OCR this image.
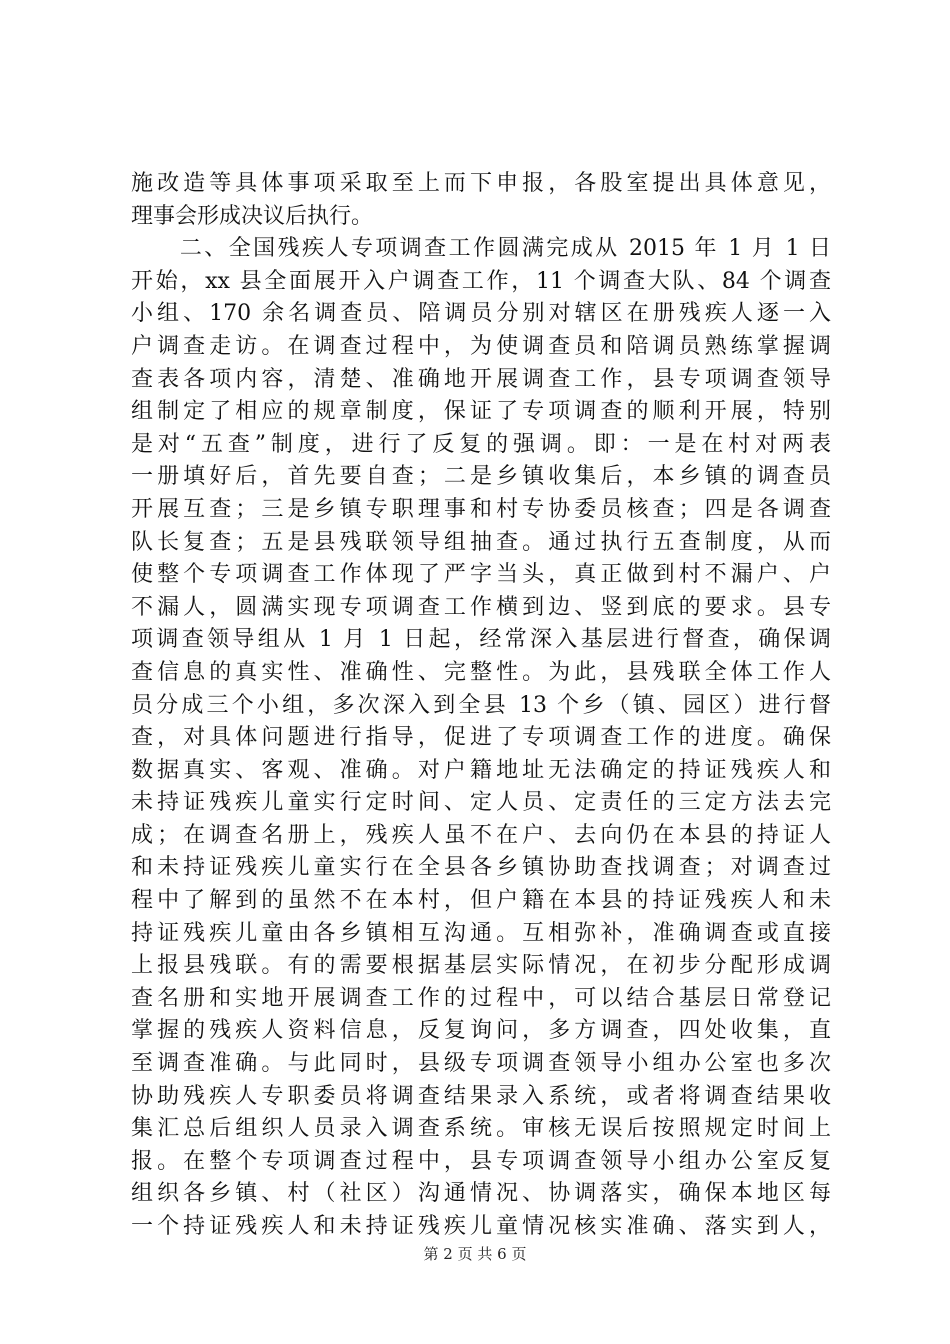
施改造等具体事项采取至上而下申报，各股室提出具体意见，
理事会形成决议后执行。
　　二、全国残疾人专项调查工作圆满完成从 2015 年 1 月 1 日
开始，xx 县全面展开入户调查工作，11 个调查大队、84 个调查
小组、170 余名调查员、陪调员分别对辖区在册残疾人逐一入
户调查走访。在调查过程中，为使调查员和陪调员熟练掌握调
查表各项内容，清楚、准确地开展调查工作，县专项调查领导
组制定了相应的规章制度，保证了专项调查的顺利开展，特别
是对“五查”制度，进行了反复的强调。即：一是在村对两表
一册填好后，首先要自查；二是乡镇收集后，本乡镇的调查员
开展互查；三是乡镇专职理事和村专协委员核查；四是各调查
队长复查；五是县残联领导组抽查。通过执行五查制度，从而
使整个专项调查工作体现了严字当头，真正做到村不漏户、户
不漏人，圆满实现专项调查工作横到边、竖到底的要求。县专
项调查领导组从 1 月 1 日起，经常深入基层进行督查，确保调
查信息的真实性、准确性、完整性。为此，县残联全体工作人
员分成三个小组，多次深入到全县 13 个乡（镇、园区）进行督
查，对具体问题进行指导，促进了专项调查工作的进度。确保
数据真实、客观、准确。对户籍地址无法确定的持证残疾人和
未持证残疾儿童实行定时间、定人员、定责任的三定方法去完
成；在调查名册上，残疾人虽不在户、去向仍在本县的持证人
和未持证残疾儿童实行在全县各乡镇协助查找调查；对调查过
程中了解到的虽然不在本村，但户籍在本县的持证残疾人和未
持证残疾儿童由各乡镇相互沟通。互相弥补，准确调查或直接
上报县残联。有的需要根据基层实际情况，在初步分配形成调
查名册和实地开展调查工作的过程中，可以结合基层日常登记
掌握的残疾人资料信息，反复询问，多方调查，四处收集，直
至调查准确。与此同时，县级专项调查领导小组办公室也多次
协助残疾人专职委员将调查结果录入系统，或者将调查结果收
集汇总后组织人员录入调查系统。审核无误后按照规定时间上
报。在整个专项调查过程中，县专项调查领导小组办公室反复
组织各乡镇、村（社区）沟通情况、协调落实，确保本地区每
一个持证残疾人和未持证残疾儿童情况核实准确、落实到人，
第 2 页 共 6 页
